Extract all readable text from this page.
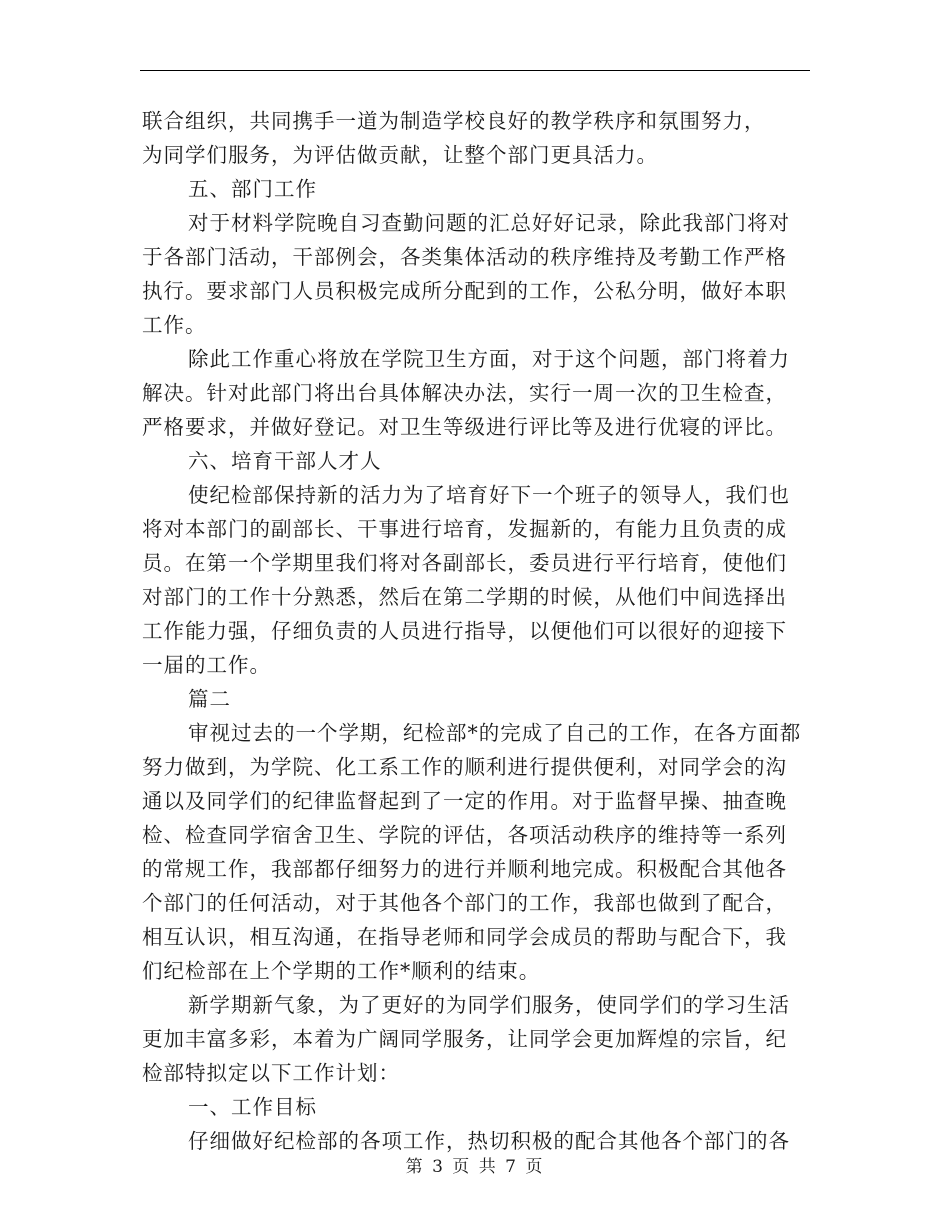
联合组织，共同携手一道为制造学校良好的教学秩序和氛围努力，
为同学们服务，为评估做贡献，让整个部门更具活力。
五、部门工作
对于材料学院晚自习查勤问题的汇总好好记录，除此我部门将对
于各部门活动，干部例会，各类集体活动的秩序维持及考勤工作严格
执行。要求部门人员积极完成所分配到的工作，公私分明，做好本职
工作。
除此工作重心将放在学院卫生方面，对于这个问题，部门将着力
解决。针对此部门将出台具体解决办法，实行一周一次的卫生检查，
严格要求，并做好登记。对卫生等级进行评比等及进行优寝的评比。
六、培育干部人才人
使纪检部保持新的活力为了培育好下一个班子的领导人，我们也
将对本部门的副部长、干事进行培育，发掘新的，有能力且负责的成
员。在第一个学期里我们将对各副部长，委员进行平行培育，使他们
对部门的工作十分熟悉，然后在第二学期的时候，从他们中间选择出
工作能力强，仔细负责的人员进行指导，以便他们可以很好的迎接下
一届的工作。
篇二
审视过去的一个学期，纪检部*的完成了自己的工作，在各方面都
努力做到，为学院、化工系工作的顺利进行提供便利，对同学会的沟
通以及同学们的纪律监督起到了一定的作用。对于监督早操、抽查晚
检、检查同学宿舍卫生、学院的评估，各项活动秩序的维持等一系列
的常规工作，我部都仔细努力的进行并顺利地完成。积极配合其他各
个部门的任何活动，对于其他各个部门的工作，我部也做到了配合，
相互认识，相互沟通，在指导老师和同学会成员的帮助与配合下，我
们纪检部在上个学期的工作*顺利的结束。
新学期新气象，为了更好的为同学们服务，使同学们的学习生活
更加丰富多彩，本着为广阔同学服务，让同学会更加辉煌的宗旨，纪
检部特拟定以下工作计划：
一、工作目标
仔细做好纪检部的各项工作，热切积极的配合其他各个部门的各
第 3 页 共 7 页
